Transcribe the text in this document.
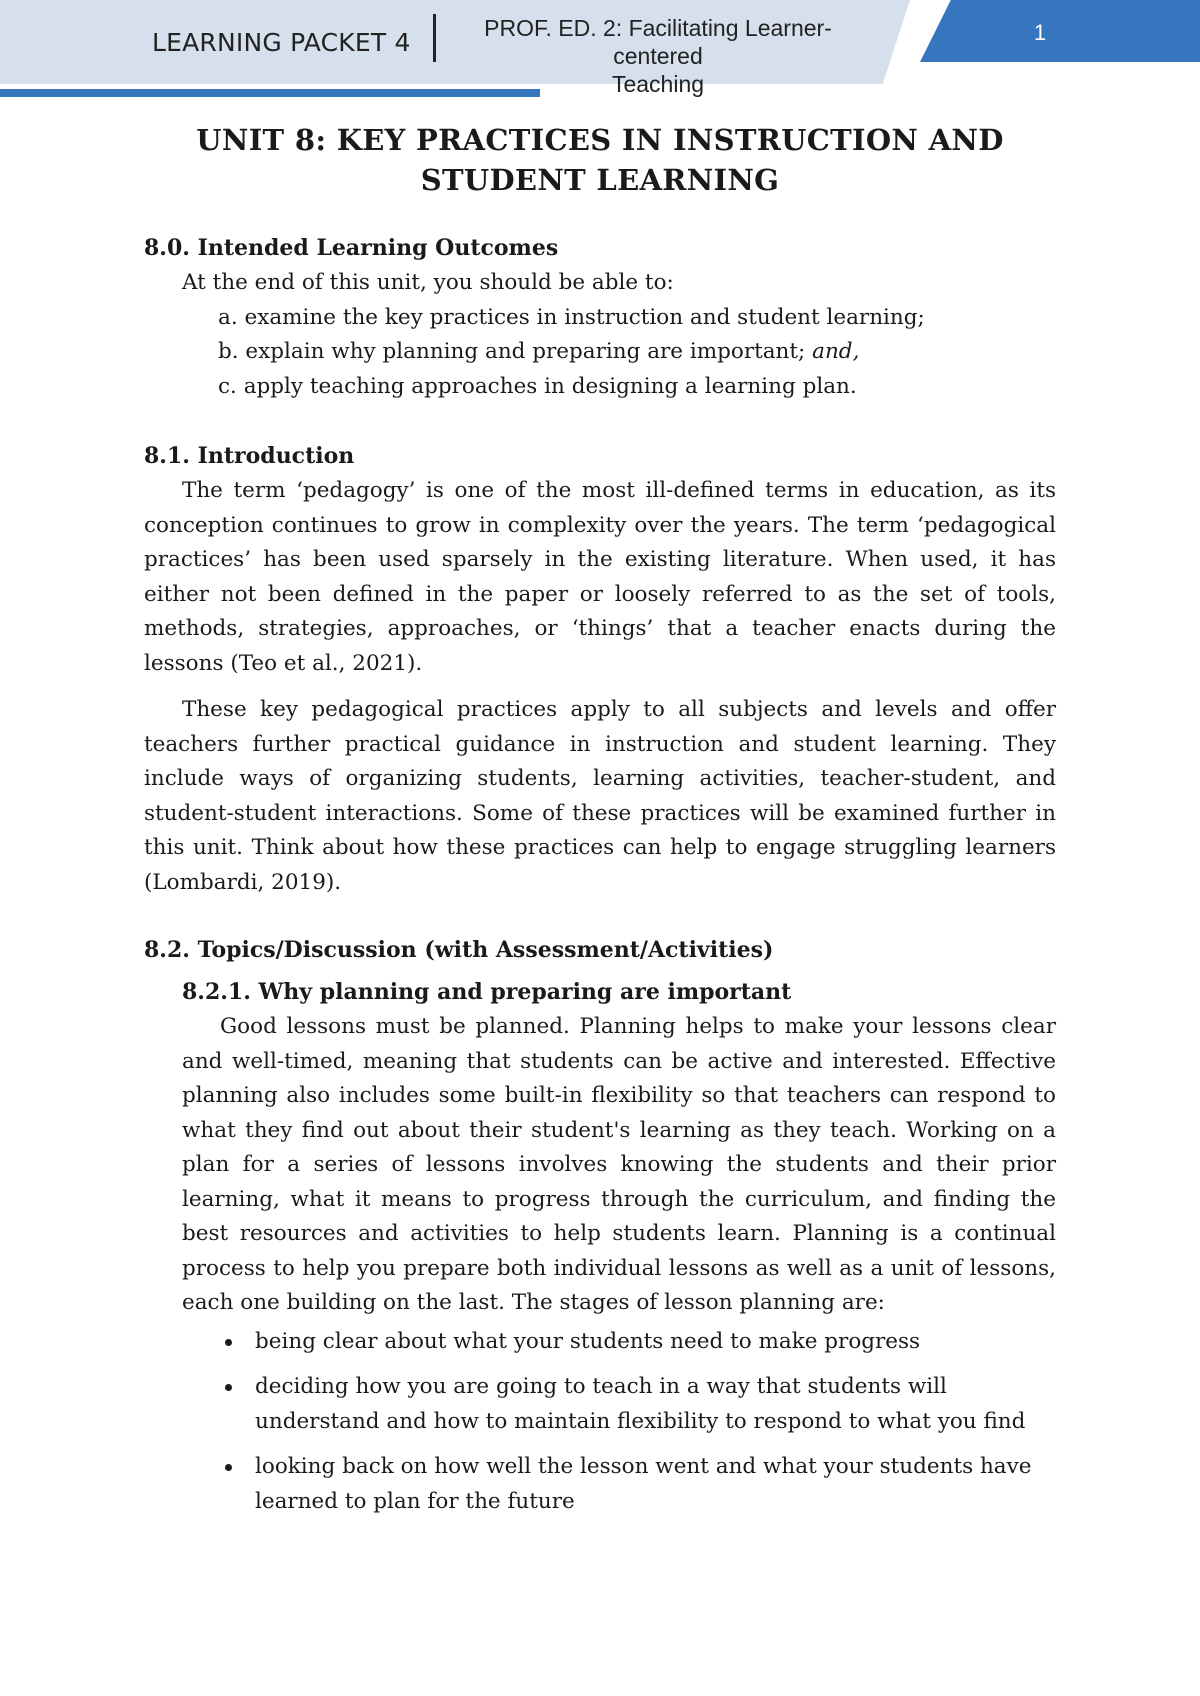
LEARNING PACKET 4	PROF. ED. 2: Facilitating Learner-centered
Teaching
1
UNIT 8: KEY PRACTICES IN INSTRUCTION AND STUDENT LEARNING
8.0. Intended Learning Outcomes
At the end of this unit, you should be able to:
a. examine the key practices in instruction and student learning;
b. explain why planning and preparing are important; and,
c. apply teaching approaches in designing a learning plan.
8.1. Introduction

The term ‘pedagogy’ is one of the most ill-defined terms in education, as its conception continues to grow in complexity over the years. The term ‘pedagogical practices’ has been used sparsely in the existing literature. When used, it has either not been defined in the paper or loosely referred to as the set of tools, methods, strategies, approaches, or ‘things’ that a teacher enacts during the lessons (Teo et al., 2021).

These key pedagogical practices apply to all subjects and levels and offer teachers further practical guidance in instruction and student learning. They include ways of organizing students, learning activities, teacher-student, and student-student interactions. Some of these practices will be examined further in this unit. Think about how these practices can help to engage struggling learners (Lombardi, 2019).

8.2. Topics/Discussion (with Assessment/Activities)
8.2.1. Why planning and preparing are important

Good lessons must be planned. Planning helps to make your lessons clear and well-timed, meaning that students can be active and interested. Effective planning also includes some built-in flexibility so that teachers can respond to what they find out about their student's learning as they teach. Working on a plan for a series of lessons involves knowing the students and their prior learning, what it means to progress through the curriculum, and finding the best resources and activities to help students learn. Planning is a continual process to help you prepare both individual lessons as well as a unit of lessons, each one building on the last. The stages of lesson planning are:

being clear about what your students need to make progress
deciding how you are going to teach in a way that students will understand and how to maintain flexibility to respond to what you find
looking back on how well the lesson went and what your students have learned to plan for the future
